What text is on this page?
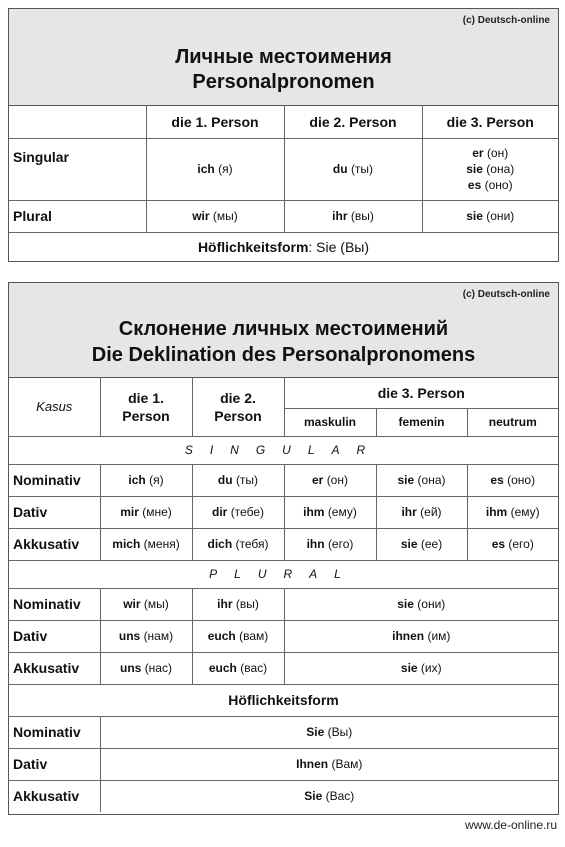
(c) Deutsch-online
Личные местоимения
Personalpronomen
	die 1. Person	die 2. Person	die 3. Person
Singular	ich (я)	du (ты)	er (он)
sie (она)
es (оно)
Plural	wir (мы)	ihr (вы)	sie (они)
Höflichkeitsform: Sie (Вы)			
(c) Deutsch-online
Склонение личных местоимений
Die Deklination des Personalpronomens
Kasus	die 1. Person	die 2. Person	die 3. Person		
			maskulin	femenin	neutrum
SINGULAR					
Nominativ	ich (я)	du (ты)	er (он)	sie (она)	es (оно)
Dativ	mir (мне)	dir (тебе)	ihm (ему)	ihr (ей)	ihm (ему)
Akkusativ	mich (меня)	dich (тебя)	ihn (его)	sie (ее)	es (его)
PLURAL					
Nominativ	wir (мы)	ihr (вы)	sie (они)		
Dativ	uns (нам)	euch (вам)	ihnen (им)		
Akkusativ	uns (нас)	euch (вас)	sie (их)		
Höflichkeitsform					
Nominativ	Sie (Вы)				
Dativ	Ihnen (Вам)				
Akkusativ	Sie (Вас)				
www.de-online.ru
